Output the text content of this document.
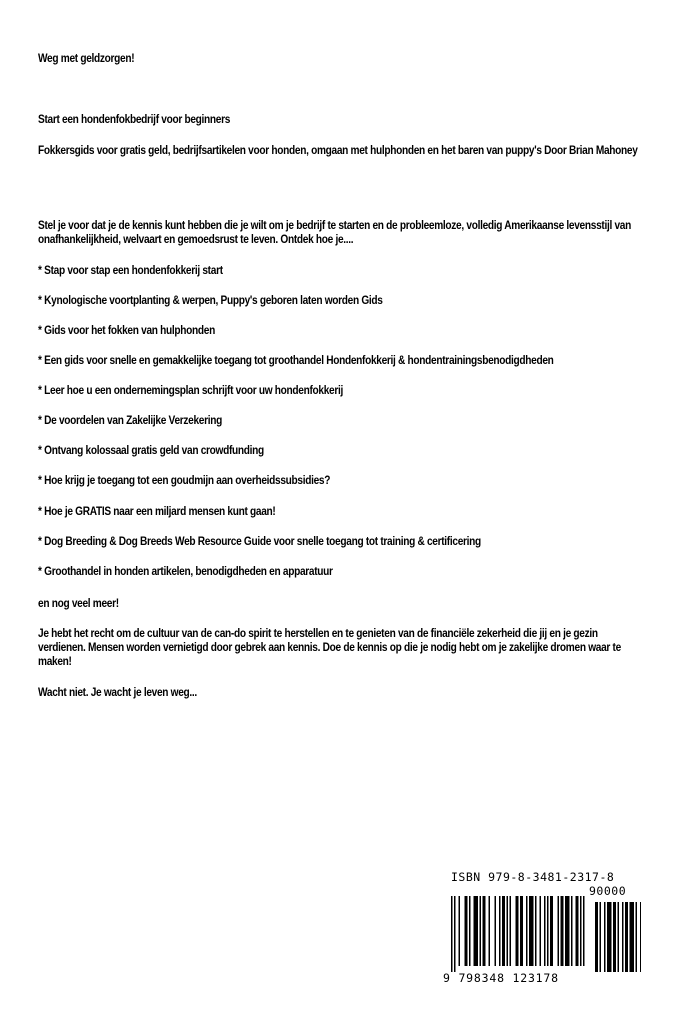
Weg met geldzorgen!
Start een hondenfokbedrijf voor beginners
Fokkersgids voor gratis geld, bedrijfsartikelen voor honden, omgaan met hulphonden en het baren van puppy's Door Brian Mahoney
Stel je voor dat je de kennis kunt hebben die je wilt om je bedrijf te starten en de probleemloze, volledig Amerikaanse levensstijl van onafhankelijkheid, welvaart en gemoedsrust te leven. Ontdek hoe je....
* Stap voor stap een hondenfokkerij start
* Kynologische voortplanting & werpen, Puppy's geboren laten worden Gids
* Gids voor het fokken van hulphonden
* Een gids voor snelle en gemakkelijke toegang tot groothandel Hondenfokkerij & hondentrainingsbenodigdheden
* Leer hoe u een ondernemingsplan schrijft voor uw hondenfokkerij
* De voordelen van Zakelijke Verzekering
* Ontvang kolossaal gratis geld van crowdfunding
* Hoe krijg je toegang tot een goudmijn aan overheidssubsidies?
* Hoe je GRATIS naar een miljard mensen kunt gaan!
* Dog Breeding & Dog Breeds Web Resource Guide voor snelle toegang tot training & certificering
* Groothandel in honden artikelen, benodigdheden en apparatuur
en nog veel meer!
Je hebt het recht om de cultuur van de can-do spirit te herstellen en te genieten van de financiële zekerheid die jij en je gezin verdienen. Mensen worden vernietigd door gebrek aan kennis. Doe de kennis op die je nodig hebt om je zakelijke dromen waar te maken!
Wacht niet. Je wacht je leven weg...
ISBN 979-8-3481-2317-8
90000
9 798348 123178
